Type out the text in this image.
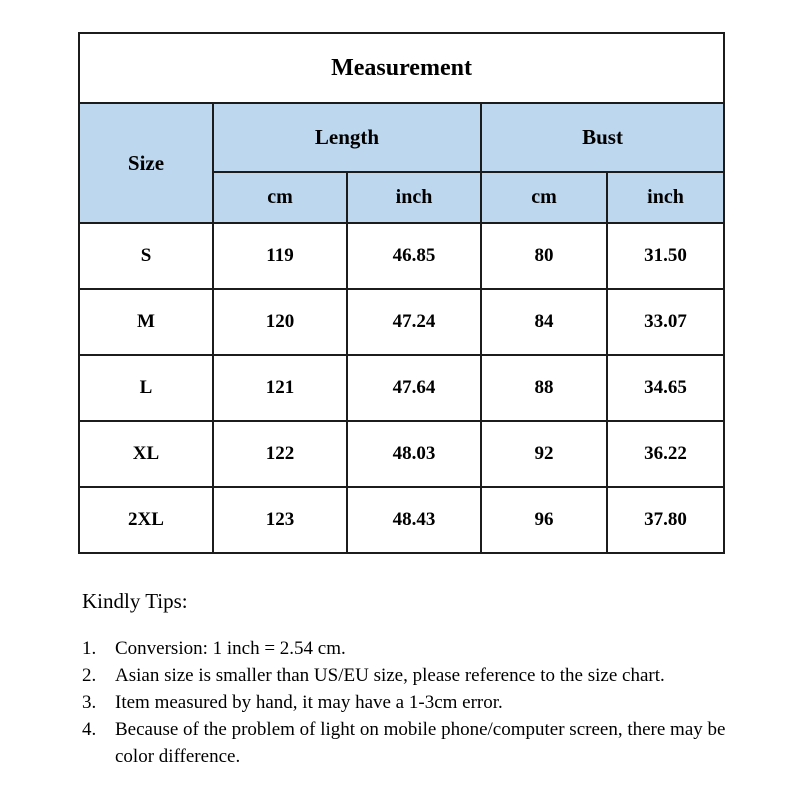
Measurement				
Size	Length		Bust	
	cm	inch	cm	inch
S	119	46.85	80	31.50
M	120	47.24	84	33.07
L	121	47.64	88	34.65
XL	122	48.03	92	36.22
2XL	123	48.43	96	37.80
Kindly Tips:
1. Conversion: 1 inch = 2.54 cm.
2. Asian size is smaller than US/EU size, please reference to the size chart.
3. Item measured by hand, it may have a 1-3cm error.
4. Because of the problem of light on mobile phone/computer screen, there may be color difference.
